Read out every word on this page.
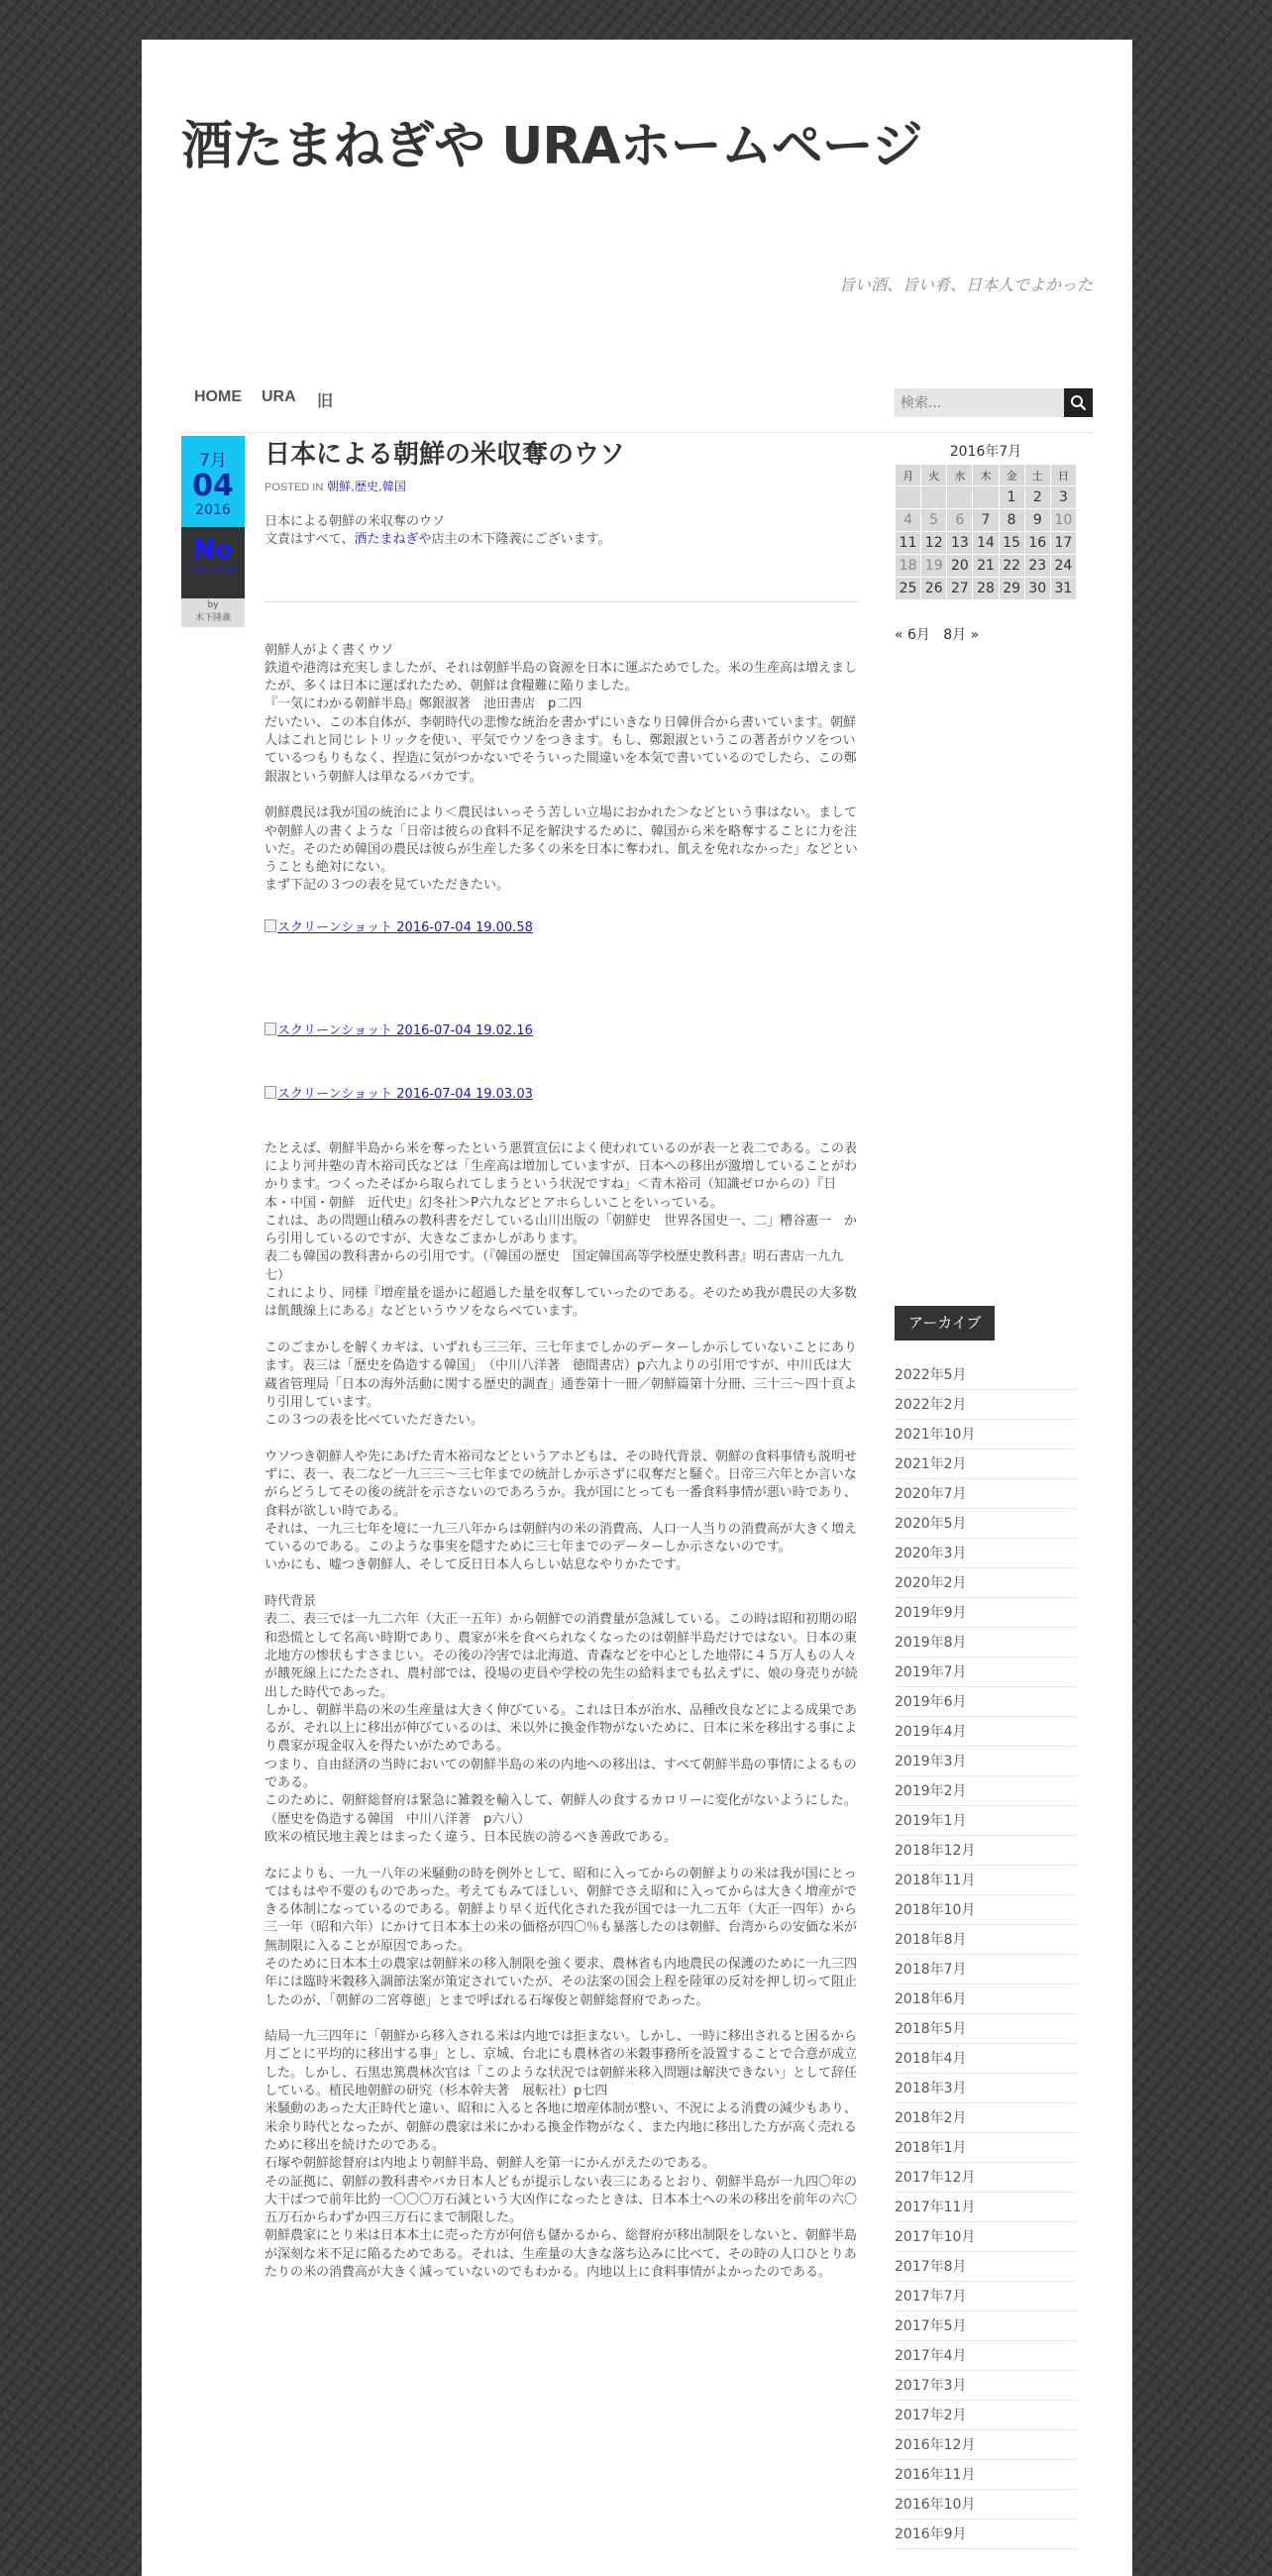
酒たまねぎや URAホームページ
旨い酒、旨い肴、日本人でよかった
HOME URA 旧
検索...
7月
04
2016
No
Comments
by
木下隆義
日本による朝鮮の米収奪のウソ
POSTED IN 朝鮮,歴史,韓国

日本による朝鮮の米収奪のウソ

文責はすべて、酒たまねぎや店主の木下隆義にございます。

朝鮮人がよく書くウソ

鉄道や港湾は充実しましたが、それは朝鮮半島の資源を日本に運ぶためでした。米の生産高は増えましたが、多くは日本に運ばれたため、朝鮮は食糧難に陥りました。

『一気にわかる朝鮮半島』鄭銀淑著　池田書店　p二四

だいたい、この本自体が、李朝時代の悲惨な統治を書かずにいきなり日韓併合から書いています。朝鮮人はこれと同じレトリックを使い、平気でウソをつきます。もし、鄭銀淑というこの著者がウソをついているつもりもなく、捏造に気がつかないでそういった間違いを本気で書いているのでしたら、この鄭銀淑という朝鮮人は単なるバカです。

朝鮮農民は我が国の統治により＜農民はいっそう苦しい立場におかれた＞などという事はない。ましてや朝鮮人の書くような「日帝は彼らの食料不足を解決するために、韓国から米を略奪することに力を注いだ。そのため韓国の農民は彼らが生産した多くの米を日本に奪われ、飢えを免れなかった」などということも絶対にない。

まず下記の３つの表を見ていただきたい。

スクリーンショット 2016-07-04 19.00.58
スクリーンショット 2016-07-04 19.02.16
スクリーンショット 2016-07-04 19.03.03

たとえば、朝鮮半島から米を奪ったという悪質宣伝によく使われているのが表一と表二である。この表により河井塾の青木裕司氏などは「生産高は増加していますが、日本への移出が激増していることがわかります。つくったそばから取られてしまうという状況ですね」＜青木裕司（知識ゼロからの）『日本・中国・朝鮮　近代史』幻冬社＞P六九などとアホらしいことをいっている。

これは、あの問題山積みの教科書をだしている山川出版の「朝鮮史　世界各国史一、二」糟谷憲一　から引用しているのですが、大きなごまかしがあります。

表二も韓国の教科書からの引用です。（『韓国の歴史　国定韓国高等学校歴史教科書』明石書店一九九七）

これにより、同様『増産量を遥かに超過した量を収奪していったのである。そのため我が農民の大多数は飢餓線上にある』などというウソをならべています。

このごまかしを解くカギは、いずれも三三年、三七年までしかのデーターしか示していないことにあります。表三は「歴史を偽造する韓国」　（中川八洋著　徳間書店）p六九よりの引用ですが、中川氏は大蔵省管理局「日本の海外活動に関する歴史的調査」通巻第十一冊／朝鮮篇第十分冊、三十三～四十頁より引用しています。

この３つの表を比べていただきたい。

ウソつき朝鮮人や先にあげた青木裕司などというアホどもは、その時代背景、朝鮮の食料事情も説明せずに、表一、表二など一九三三～三七年までの統計しか示さずに収奪だと騒ぐ。日帝三六年とか言いながらどうしてその後の統計を示さないのであろうか。我が国にとっても一番食料事情が悪い時であり、食料が欲しい時である。

それは、一九三七年を境に一九三八年からは朝鮮内の米の消費高、人口一人当りの消費高が大きく増えているのである。このような事実を隠すために三七年までのデーターしか示さないのです。

いかにも、嘘つき朝鮮人、そして反日日本人らしい姑息なやりかたです。

時代背景

表二、表三では一九二六年（大正一五年）から朝鮮での消費量が急減している。この時は昭和初期の昭和恐慌として名高い時期であり、農家が米を食べられなくなったのは朝鮮半島だけではない。日本の東北地方の惨状もすさまじい。その後の冷害では北海道、青森などを中心とした地帯に４５万人もの人々が餓死線上にたたされ、農村部では、役場の吏員や学校の先生の給料までも払えずに、娘の身売りが続出した時代であった。

しかし、朝鮮半島の米の生産量は大きく伸びている。これは日本が治水、品種改良などによる成果であるが、それ以上に移出が伸びているのは、米以外に換金作物がないために、日本に米を移出する事により農家が現金収入を得たいがためである。

つまり、自由経済の当時においての朝鮮半島の米の内地への移出は、すべて朝鮮半島の事情によるものである。

このために、朝鮮総督府は緊急に雑穀を輸入して、朝鮮人の食するカロリーに変化がないようにした。（歴史を偽造する韓国　中川八洋著　p六八）

欧米の植民地主義とはまったく違う、日本民族の誇るべき善政である。

なによりも、一九一八年の米騒動の時を例外として、昭和に入ってからの朝鮮よりの米は我が国にとってはもはや不要のものであった。考えてもみてほしい、朝鮮でさえ昭和に入ってからは大きく増産ができる体制になっているのである。朝鮮より早く近代化された我が国では一九二五年（大正一四年）から三一年（昭和六年）にかけて日本本土の米の価格が四〇％も暴落したのは朝鮮、台湾からの安価な米が無制限に入ることが原因であった。

そのために日本本土の農家は朝鮮米の移入制限を強く要求、農林省も内地農民の保護のために一九三四年には臨時米穀移入調節法案が策定されていたが、その法案の国会上程を陸軍の反対を押し切って阻止したのが、「朝鮮の二宮尊徳」とまで呼ばれる石塚俊と朝鮮総督府であった。

結局一九三四年に「朝鮮から移入される米は内地では拒まない。しかし、一時に移出されると困るから月ごとに平均的に移出する事」とし、京城、台北にも農林省の米穀事務所を設置することで合意が成立した。しかし、石黒忠篤農林次官は「このような状況では朝鮮米移入問題は解決できない」として辞任している。植民地朝鮮の研究（杉本幹夫著　展転社）p七四

米騒動のあった大正時代と違い、昭和に入ると各地に増産体制が整い、不況による消費の減少もあり、米余り時代となったが、朝鮮の農家は米にかわる換金作物がなく、また内地に移出した方が高く売れるために移出を続けたのである。

石塚や朝鮮総督府は内地より朝鮮半島、朝鮮人を第一にかんがえたのである。

その証拠に、朝鮮の教科書やバカ日本人どもが提示しない表三にあるとおり、朝鮮半島が一九四〇年の大干ばつで前年比約一〇〇〇万石減という大凶作になったときは、日本本土への米の移出を前年の六〇五万石からわずか四三万石にまで制限した。

朝鮮農家にとり米は日本本土に売った方が何倍も儲かるから、総督府が移出制限をしないと、朝鮮半島が深刻な米不足に陥るためである。それは、生産量の大きな落ち込みに比べて、その時の人口ひとりあたりの米の消費高が大きく減っていないのでもわかる。内地以上に食料事情がよかったのである。

2016年7月
月	火	水	木	金	土	日
				1	2	3
4	5	6	7	8	9	10
11	12	13	14	15	16	17
18	19	20	21	22	23	24
25	26	27	28	29	30	31
« 6月 8月 »
アーカイブ
2022年5月
2022年2月
2021年10月
2021年2月
2020年7月
2020年5月
2020年3月
2020年2月
2019年9月
2019年8月
2019年7月
2019年6月
2019年4月
2019年3月
2019年2月
2019年1月
2018年12月
2018年11月
2018年10月
2018年8月
2018年7月
2018年6月
2018年5月
2018年4月
2018年3月
2018年2月
2018年1月
2017年12月
2017年11月
2017年10月
2017年8月
2017年7月
2017年5月
2017年4月
2017年3月
2017年2月
2016年12月
2016年11月
2016年10月
2016年9月
